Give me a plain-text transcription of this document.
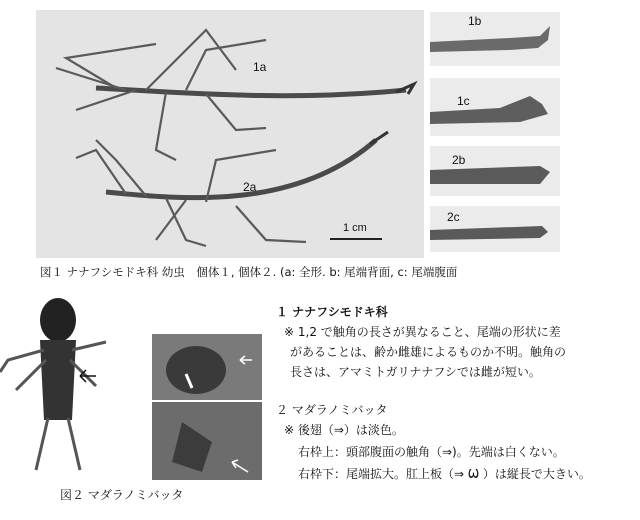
1a
2a
1 cm
1b
1c
2b
2c
図１ ナナフシモドキ科 幼虫　個体１, 個体２. (a: 全形. b: 尾端背面, c: 尾端腹面
図２ マダラノミバッタ
１ ナナフシモドキ科
※ 1,2 で触角の長さが異なること、尾端の形状に差
があることは、齢か雌雄によるものか不明。触角の
長さは、アマミトガリナナフシでは雌が短い。
２ マダラノミバッタ
※ 後翅（⇒）は淡色。
右枠上：頭部腹面の触角（⇒)。先端は白くない。
右枠下：尾端拡大。肛上板（⇒ Ѡ ）は縦長で大きい。
